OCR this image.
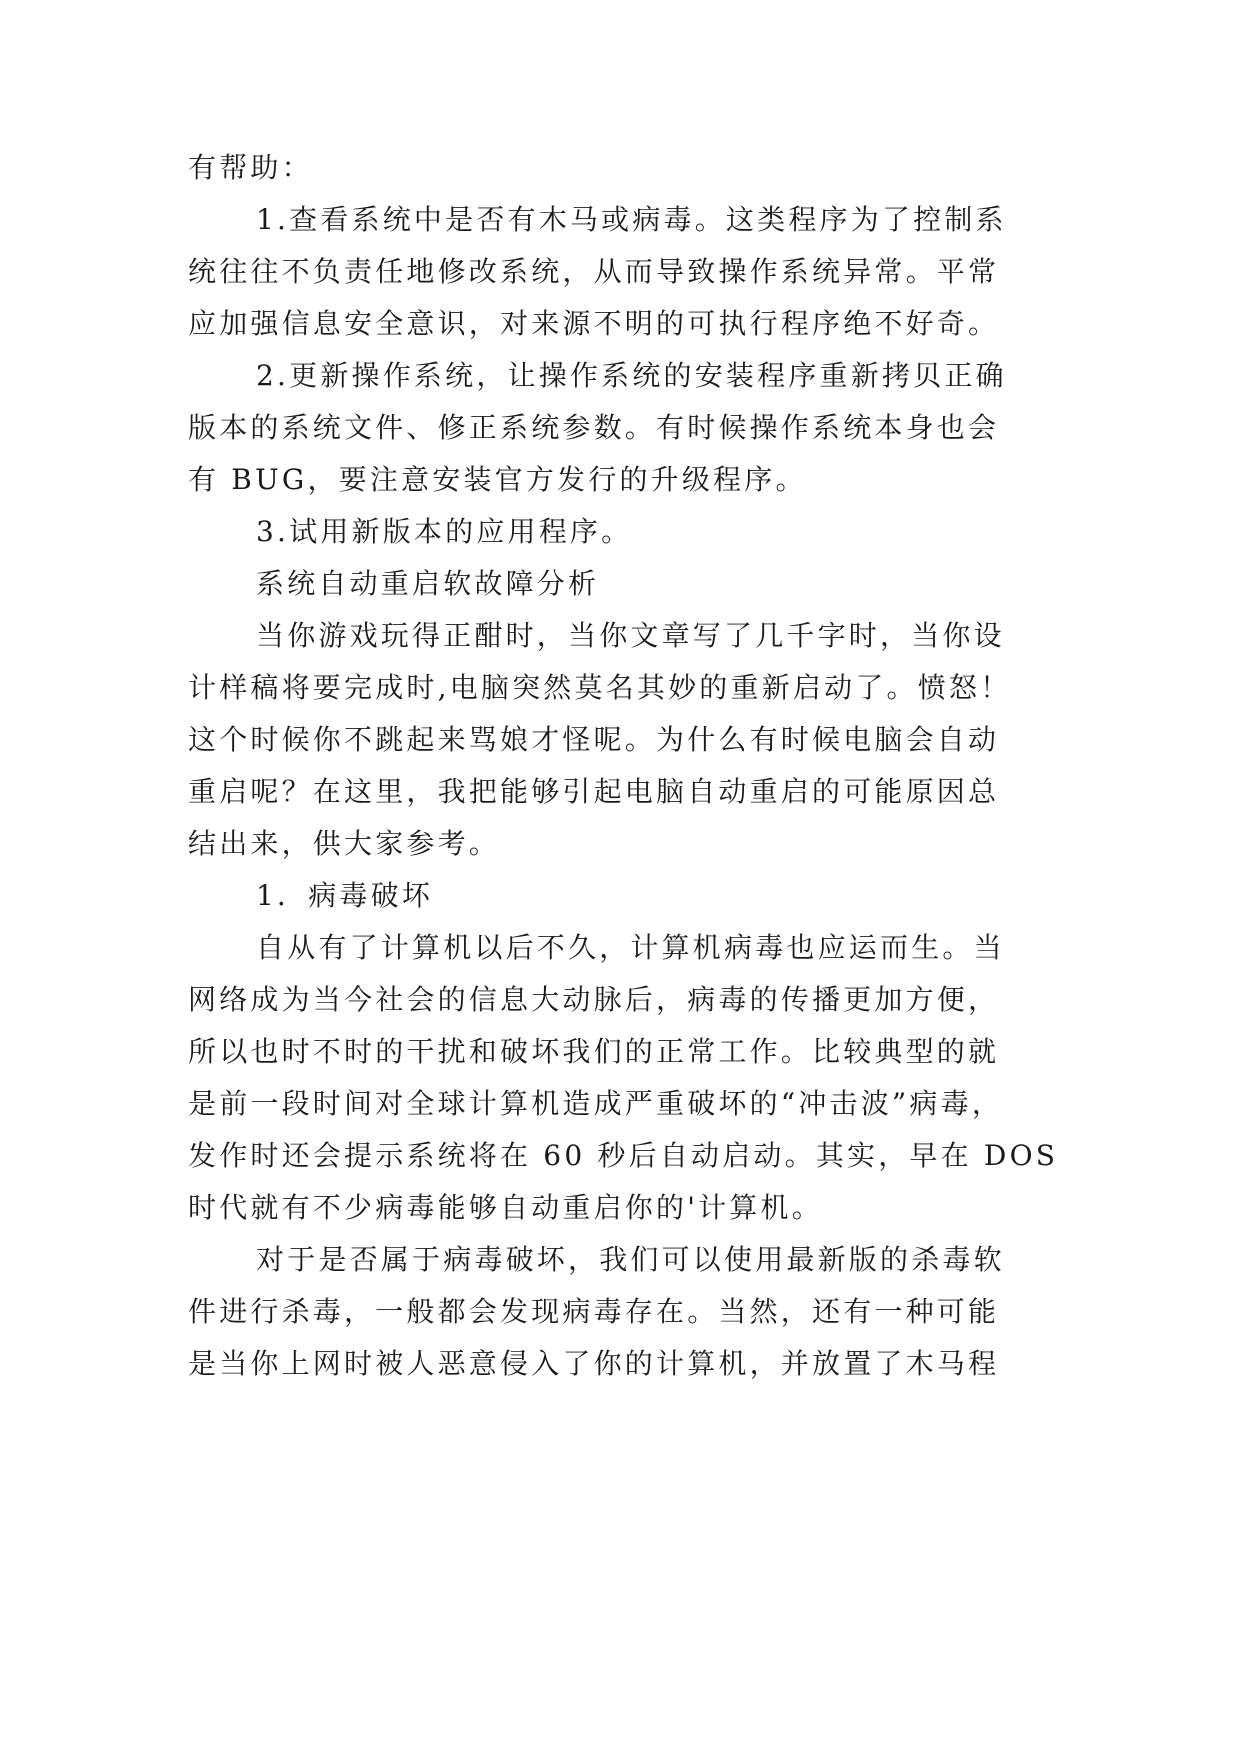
有帮助：
1.查看系统中是否有木马或病毒。这类程序为了控制系
统往往不负责任地修改系统，从而导致操作系统异常。平常
应加强信息安全意识，对来源不明的可执行程序绝不好奇。
2.更新操作系统，让操作系统的安装程序重新拷贝正确
版本的系统文件、修正系统参数。有时候操作系统本身也会
有 BUG，要注意安装官方发行的升级程序。
3.试用新版本的应用程序。
系统自动重启软故障分析
当你游戏玩得正酣时，当你文章写了几千字时，当你设
计样稿将要完成时,电脑突然莫名其妙的重新启动了。愤怒！
这个时候你不跳起来骂娘才怪呢。为什么有时候电脑会自动
重启呢？在这里，我把能够引起电脑自动重启的可能原因总
结出来，供大家参考。
1．病毒破坏
自从有了计算机以后不久，计算机病毒也应运而生。当
网络成为当今社会的信息大动脉后，病毒的传播更加方便，
所以也时不时的干扰和破坏我们的正常工作。比较典型的就
是前一段时间对全球计算机造成严重破坏的“冲击波”病毒，
发作时还会提示系统将在 60 秒后自动启动。其实，早在 DOS
时代就有不少病毒能够自动重启你的'计算机。
对于是否属于病毒破坏，我们可以使用最新版的杀毒软
件进行杀毒，一般都会发现病毒存在。当然，还有一种可能
是当你上网时被人恶意侵入了你的计算机，并放置了木马程
